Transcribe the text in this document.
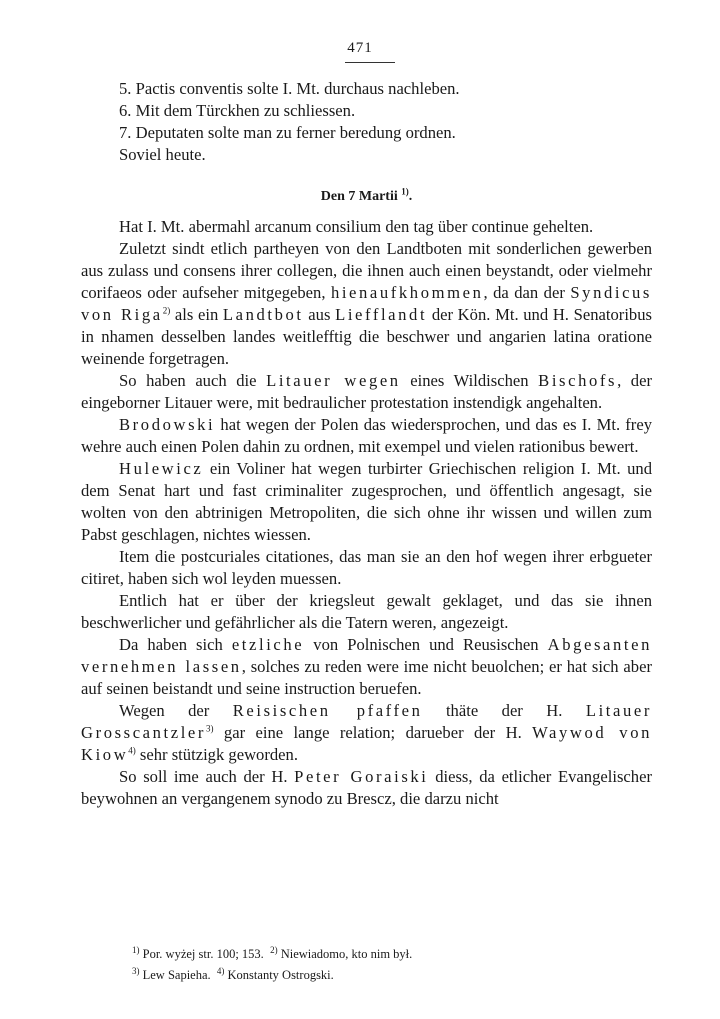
471

5. Pactis conventis solte I. Mt. durchaus nachleben.

6. Mit dem Türckhen zu schliessen.

7. Deputaten solte man zu ferner beredung ordnen.

Soviel heute.

Den 7 Martii $^{1)}$.

Hat I. Mt. abermahl arcanum consilium den tag über continue gehelten.

Zuletzt sindt etlich partheyen von den Landtboten mit sonderlichen gewerben aus zulass und consens ihrer collegen, die ihnen auch einen beystandt, oder vielmehr corifaeos oder aufseher mitgegeben, hienaufkhommen, da dan der Syndicus von Riga$^{2)}$ als ein Landtbot aus Liefflandt der Kön. Mt. und H. Senatoribus in nhamen desselben landes weitlefftig die beschwer und angarien latina oratione weinende forgetragen.

So haben auch die Litauer wegen eines Wildischen Bischofs, der eingeborner Litauer were, mit bedraulicher protestation instendigk angehalten.

Brodowski hat wegen der Polen das wiedersprochen, und das es I. Mt. frey wehre auch einen Polen dahin zu ordnen, mit exempel und vielen rationibus bewert.

Hulewicz ein Voliner hat wegen turbirter Griechischen religion I. Mt. und dem Senat hart und fast criminaliter zugesprochen, und öffentlich angesagt, sie wolten von den abtrinigen Metropoliten, die sich ohne ihr wissen und willen zum Pabst geschlagen, nichtes wiessen.

Item die postcuriales citationes, das man sie an den hof wegen ihrer erbgueter citiret, haben sich wol leyden muessen.

Entlich hat er über der kriegsleut gewalt geklaget, und das sie ihnen beschwerlicher und gefährlicher als die Tatern weren, angezeigt.

Da haben sich etzliche von Polnischen und Reusischen Abgesanten vernehmen lassen, solches zu reden were ime nicht beuolchen; er hat sich aber auf seinen beistandt und seine instruction beruefen.

Wegen der Reisischen pfaffen thäte der H. Litauer Grosscantzler$^{3)}$ gar eine lange relation; darueber der H. Waywod von Kiow$^{4)}$ sehr stützigk geworden.

So soll ime auch der H. Peter Goraiski diess, da etlicher Evangelischer beywohnen an vergangenem synodo zu Brescz, die darzu nicht

$^{1)}$ Por. wyżej str. 100; 153. $^{2)}$ Niewiadomo, kto nim był.

$^{3)}$ Lew Sapieha. $^{4)}$ Konstanty Ostrogski.
